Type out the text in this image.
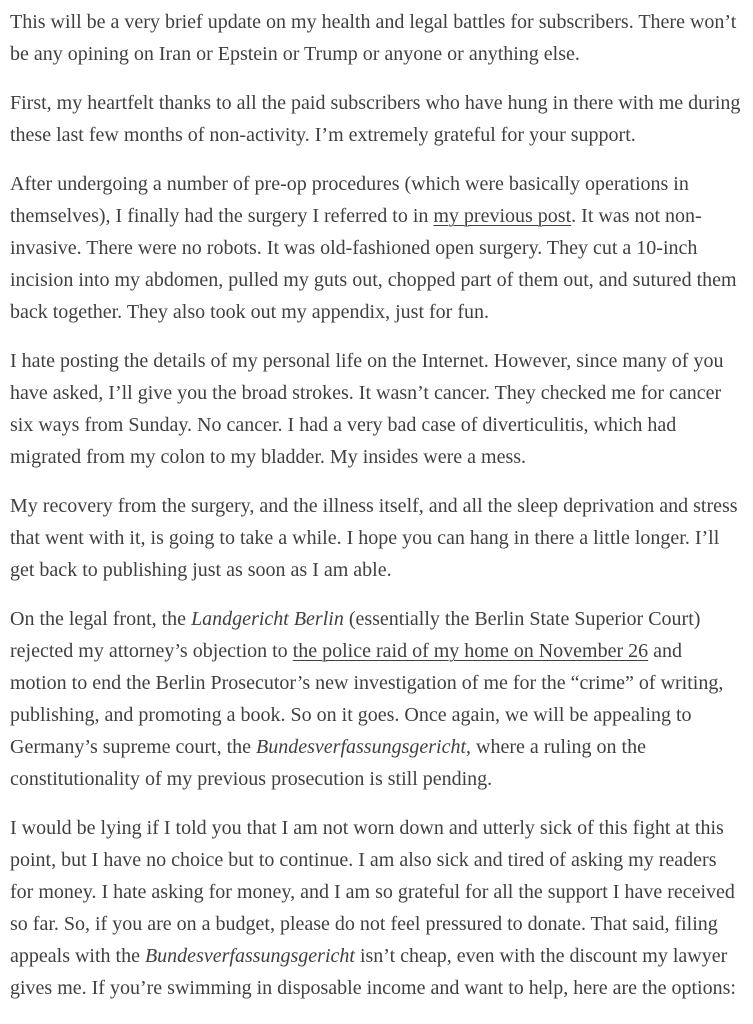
This will be a very brief update on my health and legal battles for subscribers. There won’t be any opining on Iran or Epstein or Trump or anyone or anything else.

First, my heartfelt thanks to all the paid subscribers who have hung in there with me during these last few months of non-activity. I’m extremely grateful for your support.

After undergoing a number of pre-op procedures (which were basically operations in themselves), I finally had the surgery I referred to in my previous post. It was not non-invasive. There were no robots. It was old-fashioned open surgery. They cut a 10-inch incision into my abdomen, pulled my guts out, chopped part of them out, and sutured them back together. They also took out my appendix, just for fun.

I hate posting the details of my personal life on the Internet. However, since many of you have asked, I’ll give you the broad strokes. It wasn’t cancer. They checked me for cancer six ways from Sunday. No cancer. I had a very bad case of diverticulitis, which had migrated from my colon to my bladder. My insides were a mess.

My recovery from the surgery, and the illness itself, and all the sleep deprivation and stress that went with it, is going to take a while. I hope you can hang in there a little longer. I’ll get back to publishing just as soon as I am able.

On the legal front, the Landgericht Berlin (essentially the Berlin State Superior Court) rejected my attorney’s objection to the police raid of my home on November 26 and motion to end the Berlin Prosecutor’s new investigation of me for the “crime” of writing, publishing, and promoting a book. So on it goes. Once again, we will be appealing to Germany’s supreme court, the Bundesverfassungsgericht, where a ruling on the constitutionality of my previous prosecution is still pending.

I would be lying if I told you that I am not worn down and utterly sick of this fight at this point, but I have no choice but to continue. I am also sick and tired of asking my readers for money. I hate asking for money, and I am so grateful for all the support I have received so far. So, if you are on a budget, please do not feel pressured to donate. That said, filing appeals with the Bundesverfassungsgericht isn’t cheap, even with the discount my lawyer gives me. If you’re swimming in disposable income and want to help, here are the options:
